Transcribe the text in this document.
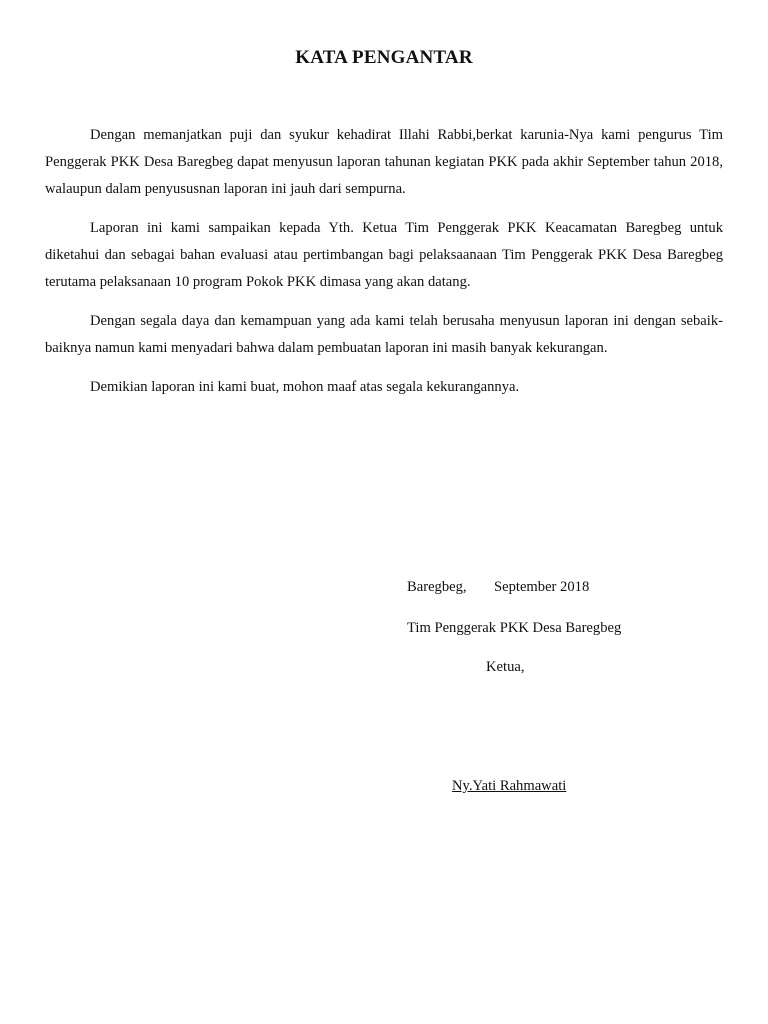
KATA PENGANTAR

Dengan memanjatkan puji dan syukur kehadirat Illahi Rabbi,berkat karunia-Nya kami pengurus Tim Penggerak PKK Desa Baregbeg dapat menyusun laporan tahunan kegiatan PKK pada akhir September tahun 2018, walaupun dalam penyususnan laporan ini jauh dari sempurna.

Laporan ini kami sampaikan kepada Yth. Ketua Tim Penggerak PKK Keacamatan Baregbeg untuk diketahui dan sebagai bahan evaluasi atau pertimbangan bagi pelaksaanaan Tim Penggerak PKK Desa Baregbeg terutama pelaksanaan 10 program Pokok PKK dimasa yang akan datang.

Dengan segala daya dan kemampuan yang ada kami telah berusaha menyusun laporan ini dengan sebaik-baiknya namun kami menyadari bahwa dalam pembuatan laporan ini masih banyak kekurangan.

Demikian laporan ini kami buat, mohon maaf atas segala kekurangannya.

Baregbeg, September 2018
Tim Penggerak PKK Desa Baregbeg
Ketua,
Ny.Yati Rahmawati
